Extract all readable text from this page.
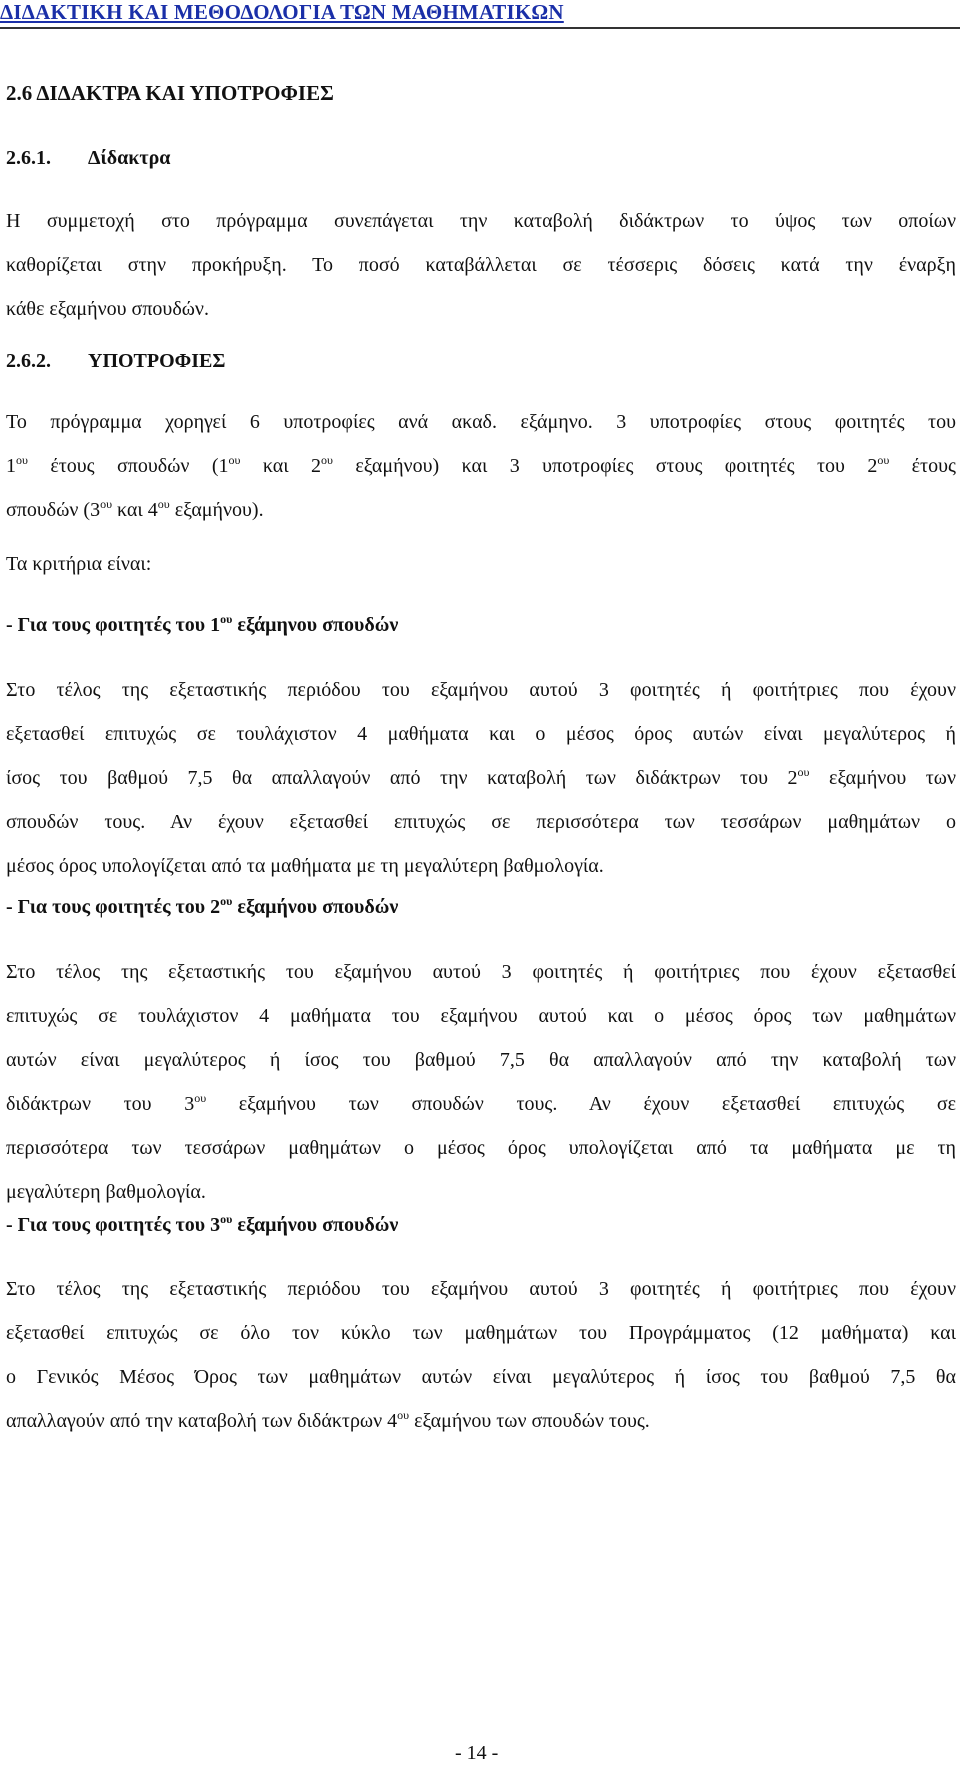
ΔΙΔΑΚΤΙΚΗ ΚΑΙ ΜΕΘΟΔΟΛΟΓΙΑ ΤΩΝ ΜΑΘΗΜΑΤΙΚΩΝ
2.6 ΔΙΔΑΚΤΡΑ ΚΑΙ ΥΠΟΤΡΟΦΙΕΣ
2.6.1. Δίδακτρα
Η συμμετοχή στο πρόγραμμα συνεπάγεται την καταβολή διδάκτρων το ύψος των οποίων
καθορίζεται στην προκήρυξη. Το ποσό καταβάλλεται σε τέσσερις δόσεις κατά την έναρξη
κάθε εξαμήνου σπουδών.
2.6.2. ΥΠΟΤΡΟΦΙΕΣ
Το πρόγραμμα χορηγεί 6 υποτροφίες ανά ακαδ. εξάμηνο. 3 υποτροφίες στους φοιτητές του
$1^{o\upsilon}$ έτους σπουδών ($1^{o\upsilon}$ και $2^{o\upsilon}$ εξαμήνου) και 3 υποτροφίες στους φοιτητές του $2^{o\upsilon}$ έτους
σπουδών ($3^{o\upsilon}$ και $4^{o\upsilon}$ εξαμήνου).
Τα κριτήρια είναι:
- Για τους φοιτητές του $1^{o\upsilon}$ εξάμηνου σπουδών
Στο τέλος της εξεταστικής περιόδου του εξαμήνου αυτού 3 φοιτητές ή φοιτήτριες που έχουν
εξετασθεί επιτυχώς σε τουλάχιστον 4 μαθήματα και ο μέσος όρος αυτών είναι μεγαλύτερος ή
ίσος του βαθμού 7,5 θα απαλλαγούν από την καταβολή των διδάκτρων του $2^{o\upsilon}$ εξαμήνου των
σπουδών τους. Αν έχουν εξετασθεί επιτυχώς σε περισσότερα των τεσσάρων μαθημάτων ο
μέσος όρος υπολογίζεται από τα μαθήματα με τη μεγαλύτερη βαθμολογία.
- Για τους φοιτητές του $2^{o\upsilon}$ εξαμήνου σπουδών
Στο τέλος της εξεταστικής του εξαμήνου αυτού 3 φοιτητές ή φοιτήτριες που έχουν εξετασθεί
επιτυχώς σε τουλάχιστον 4 μαθήματα του εξαμήνου αυτού και ο μέσος όρος των μαθημάτων
αυτών είναι μεγαλύτερος ή ίσος του βαθμού 7,5 θα απαλλαγούν από την καταβολή των
διδάκτρων του $3^{o\upsilon}$ εξαμήνου των σπουδών τους. Αν έχουν εξετασθεί επιτυχώς σε
περισσότερα των τεσσάρων μαθημάτων ο μέσος όρος υπολογίζεται από τα μαθήματα με τη
μεγαλύτερη βαθμολογία.
- Για τους φοιτητές του $3^{o\upsilon}$ εξαμήνου σπουδών
Στο τέλος της εξεταστικής περιόδου του εξαμήνου αυτού 3 φοιτητές ή φοιτήτριες που έχουν
εξετασθεί επιτυχώς σε όλο τον κύκλο των μαθημάτων του Προγράμματος (12 μαθήματα) και
ο Γενικός Μέσος Όρος των μαθημάτων αυτών είναι μεγαλύτερος ή ίσος του βαθμού 7,5 θα
απαλλαγούν από την καταβολή των διδάκτρων $4^{o\upsilon}$ εξαμήνου των σπουδών τους.
- 14 -
